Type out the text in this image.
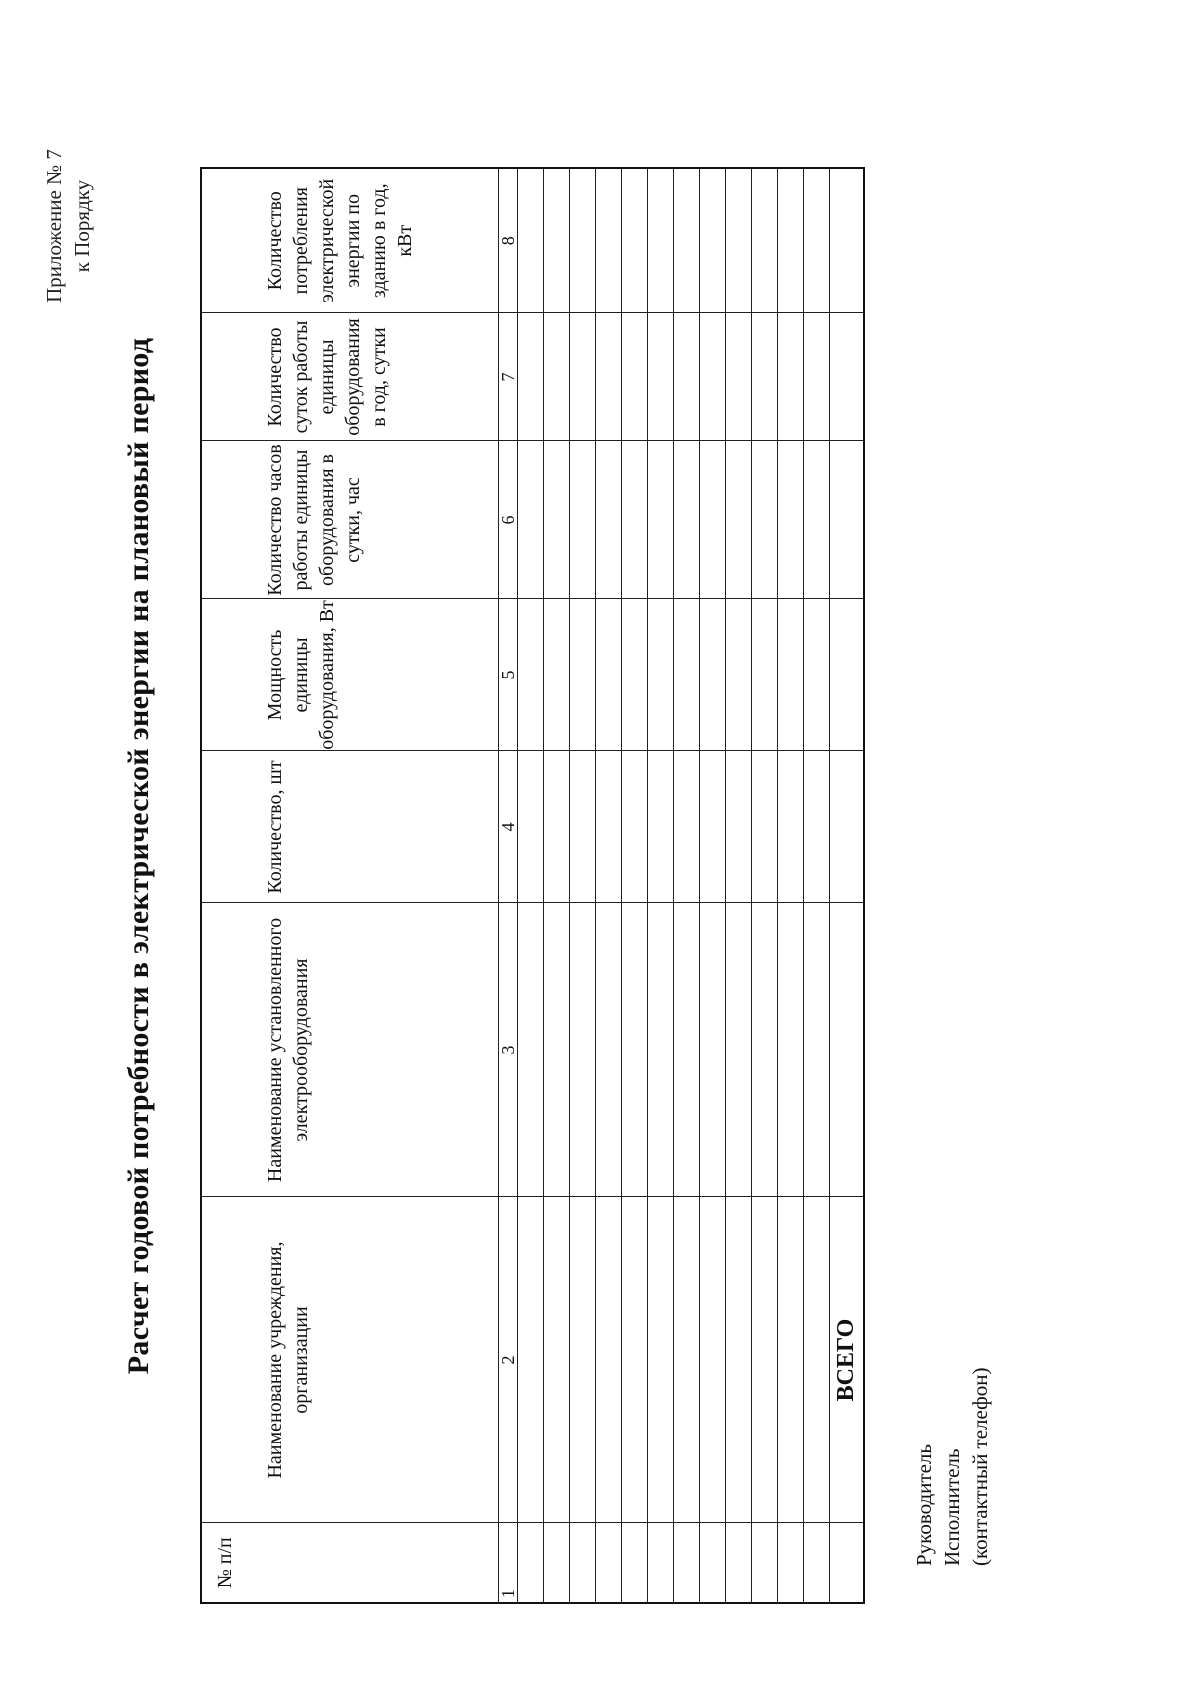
Приложение № 7 к Порядку
Расчет годовой потребности в электрической энергии на плановый период
№ п/п	Наименование учреждения, организации	Наименование установленного электрооборудования	Количество, шт	Мощность единицы оборудования, Вт	Количество часов работы единицы оборудования в сутки, час	Количество суток работы единицы оборудования в год, сутки	Количество потребления электрической энергии по зданию в год, кВт
1	2	3	4	5	6	7	8

	ВСЕГО						
Руководитель Исполнитель (контактный телефон)
